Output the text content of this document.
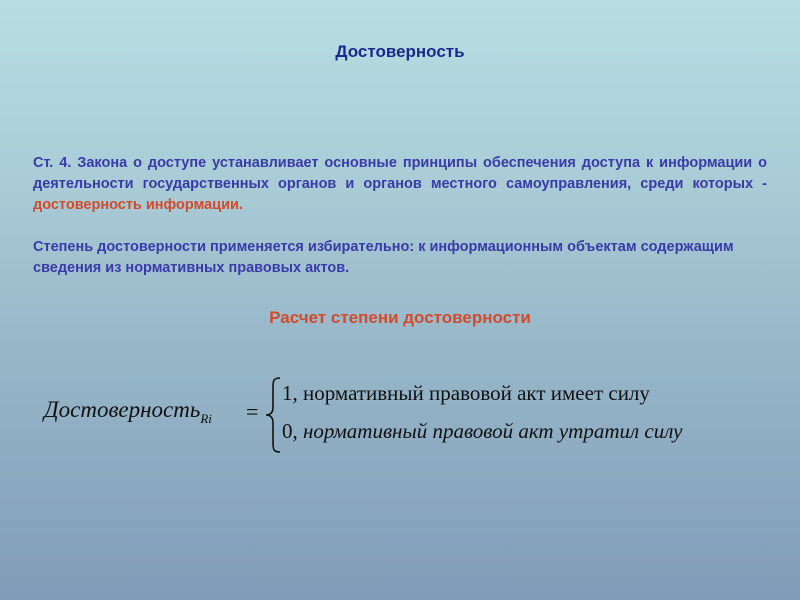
Достоверность
Ст. 4. Закона о доступе устанавливает основные принципы обеспечения доступа к информации о деятельности государственных органов и органов местного самоуправления, среди которых - достоверность информации.
Степень достоверности применяется избирательно: к информационным объектам содержащим сведения из нормативных правовых актов.
Расчет степени достоверности
Достоверность$_{Ri}$ =
1, нормативный правовой акт имеет силу
0, нормативный правовой акт утратил силу
